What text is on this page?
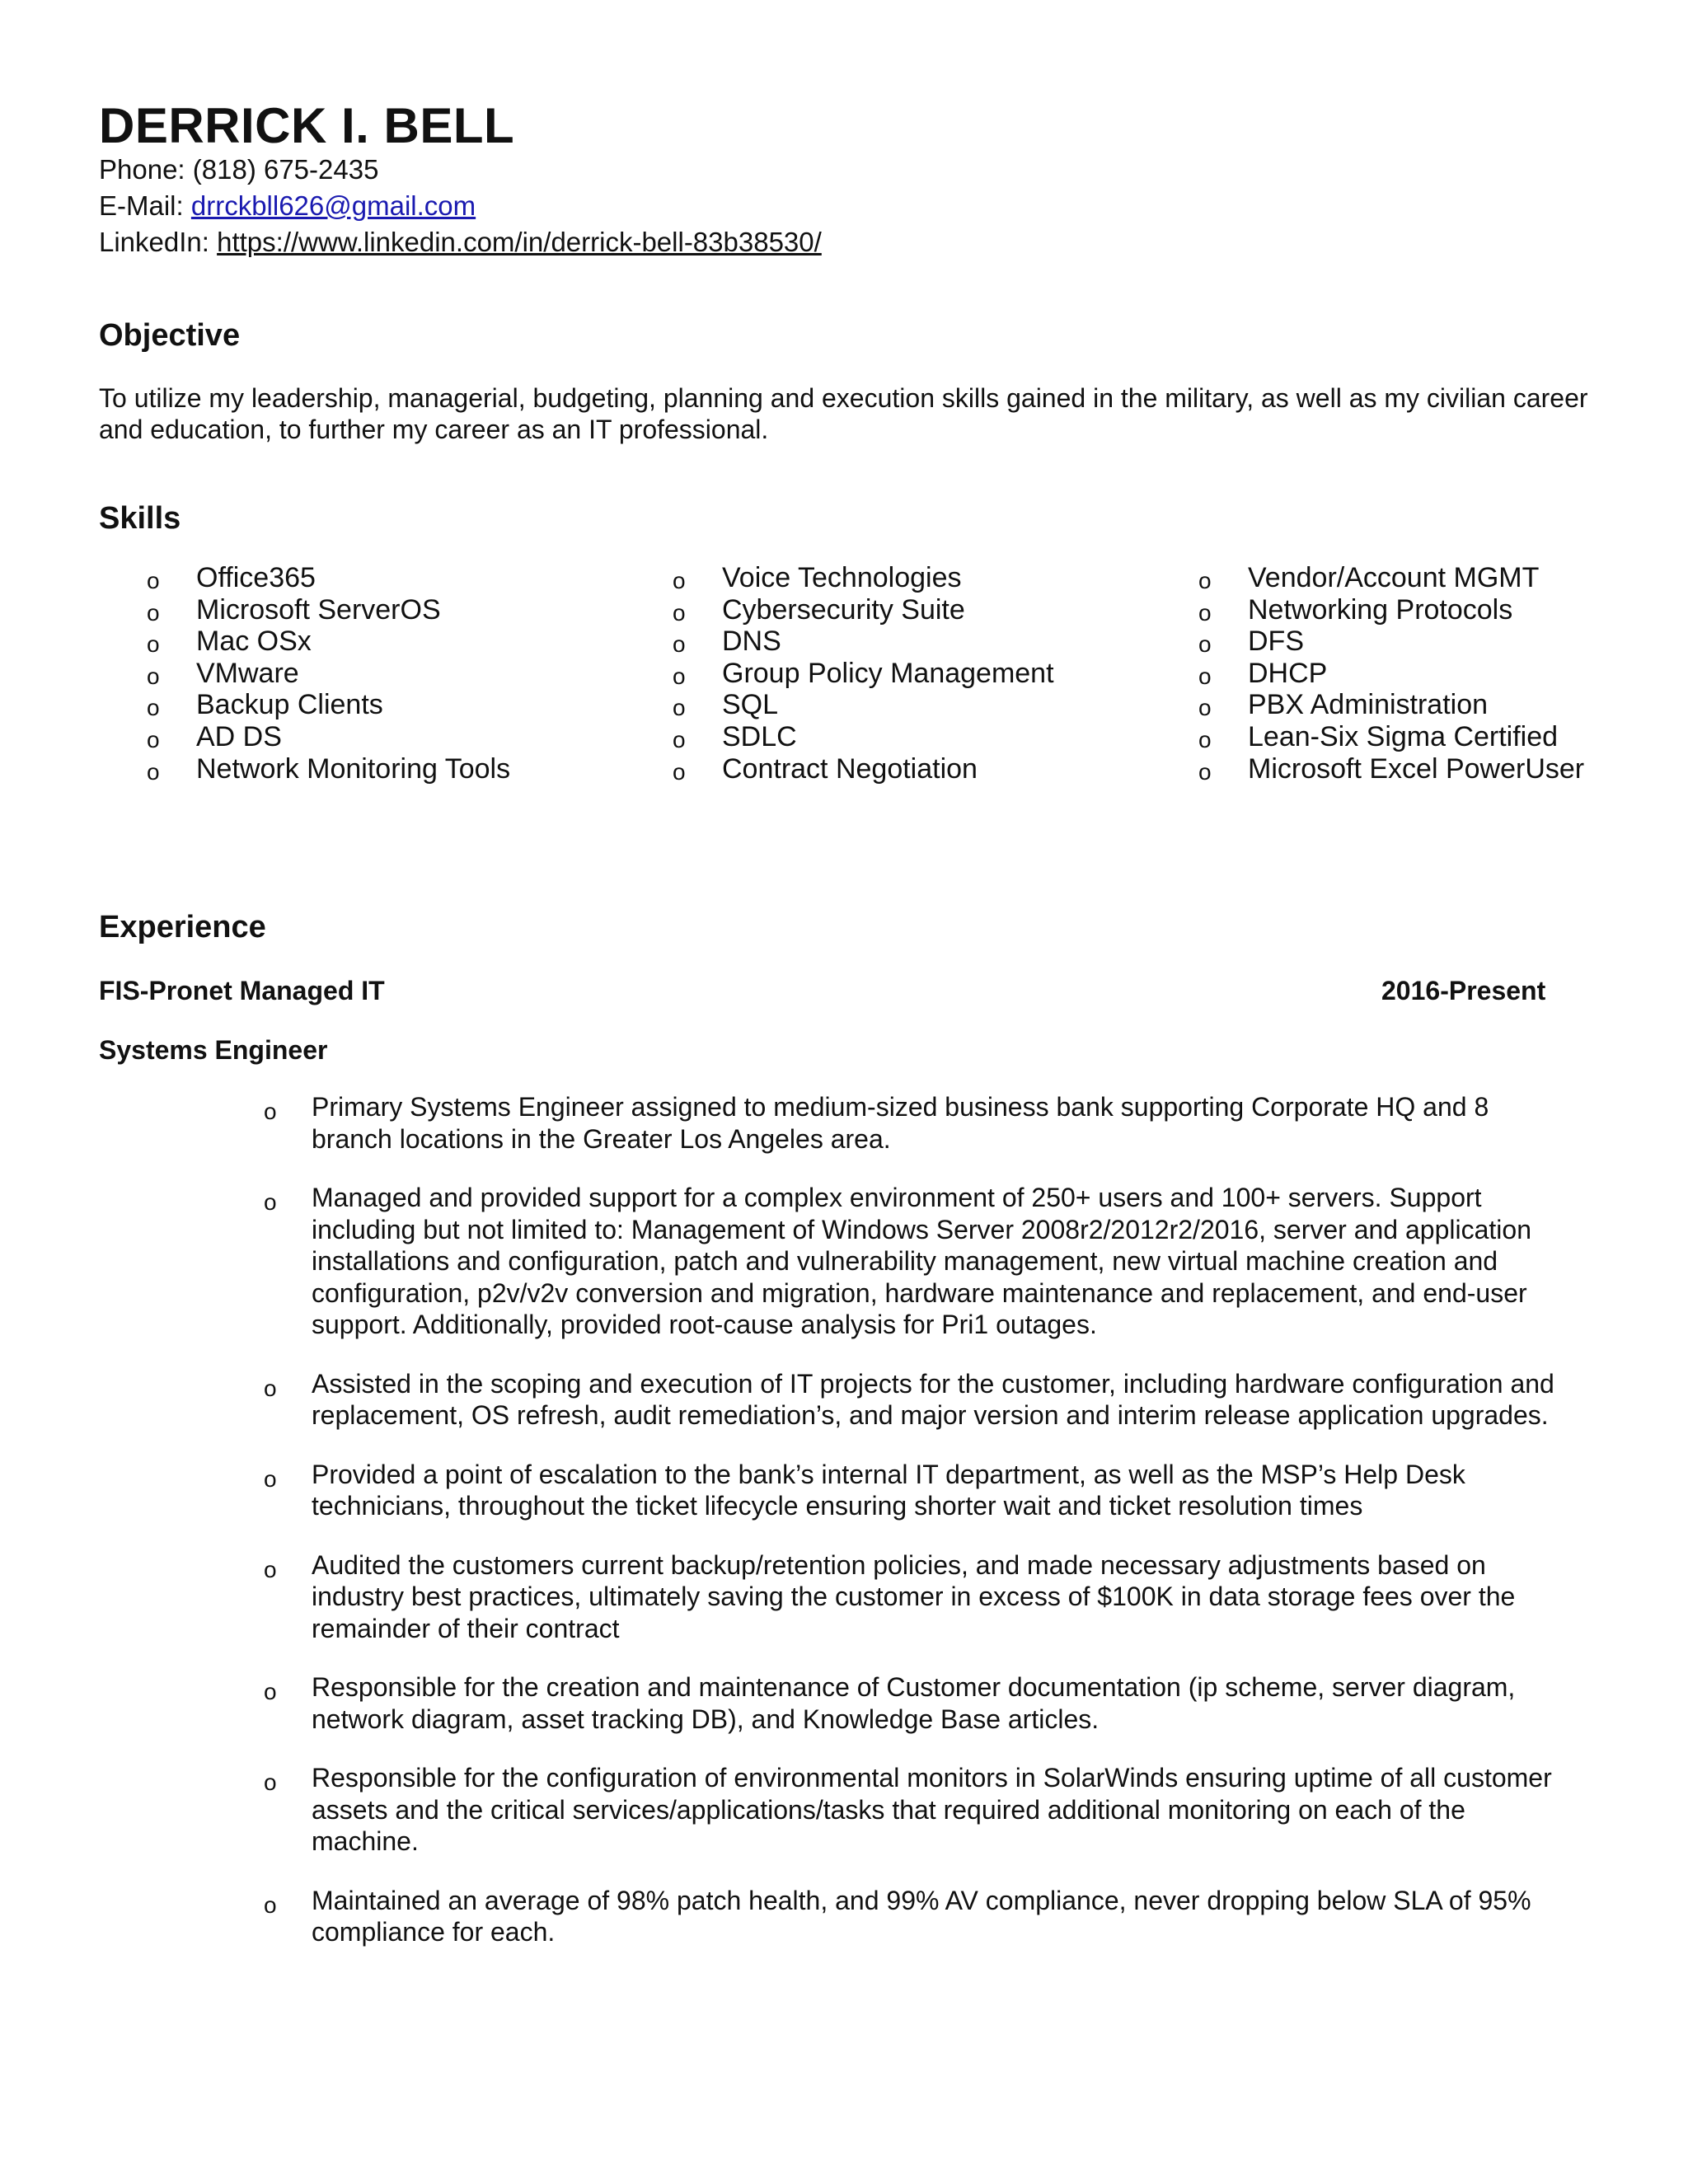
DERRICK I. BELL
Phone: (818) 675-2435
E-Mail: drrckbll626@gmail.com
LinkedIn: https://www.linkedin.com/in/derrick-bell-83b38530/
Objective
To utilize my leadership, managerial, budgeting, planning and execution skills gained in the military, as well as my civilian career and education, to further my career as an IT professional.
Skills
o Office365
o Microsoft ServerOS
o Mac OSx
o VMware
o Backup Clients
o AD DS
o Network Monitoring Tools
o Voice Technologies
o Cybersecurity Suite
o DNS
o Group Policy Management
o SQL
o SDLC
o Contract Negotiation
o Vendor/Account MGMT
o Networking Protocols
o DFS
o DHCP
o PBX Administration
o Lean-Six Sigma Certified
o Microsoft Excel PowerUser
Experience
FIS-Pronet Managed IT	2016-Present
Systems Engineer
o Primary Systems Engineer assigned to medium-sized business bank supporting Corporate HQ and 8 branch locations in the Greater Los Angeles area.
o Managed and provided support for a complex environment of 250+ users and 100+ servers. Support including but not limited to: Management of Windows Server 2008r2/2012r2/2016, server and application installations and configuration, patch and vulnerability management, new virtual machine creation and configuration, p2v/v2v conversion and migration, hardware maintenance and replacement, and end-user support. Additionally, provided root-cause analysis for Pri1 outages.
o Assisted in the scoping and execution of IT projects for the customer, including hardware configuration and replacement, OS refresh, audit remediation’s, and major version and interim release application upgrades.
o Provided a point of escalation to the bank’s internal IT department, as well as the MSP’s Help Desk technicians, throughout the ticket lifecycle ensuring shorter wait and ticket resolution times
o Audited the customers current backup/retention policies, and made necessary adjustments based on industry best practices, ultimately saving the customer in excess of $100K in data storage fees over the remainder of their contract
o Responsible for the creation and maintenance of Customer documentation (ip scheme, server diagram, network diagram, asset tracking DB), and Knowledge Base articles.
o Responsible for the configuration of environmental monitors in SolarWinds ensuring uptime of all customer assets and the critical services/applications/tasks that required additional monitoring on each of the machine.
o Maintained an average of 98% patch health, and 99% AV compliance, never dropping below SLA of 95% compliance for each.
